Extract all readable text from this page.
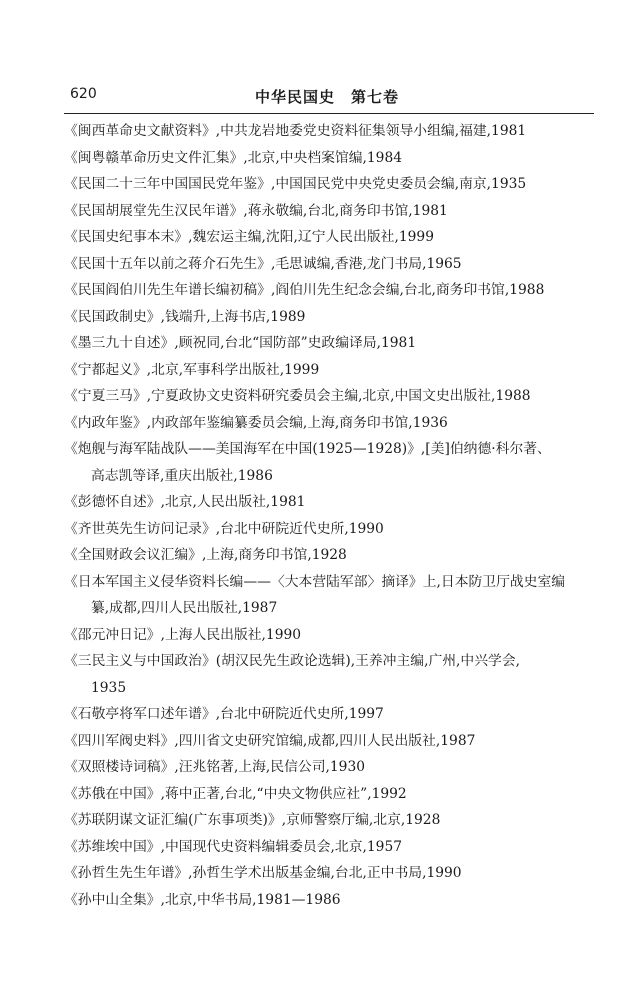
620	中华民国史　第七卷
《闽西革命史文献资料》,中共龙岩地委党史资料征集领导小组编,福建,1981
《闽粤赣革命历史文件汇集》,北京,中央档案馆编,1984
《民国二十三年中国国民党年鉴》,中国国民党中央党史委员会编,南京,1935
《民国胡展堂先生汉民年谱》,蒋永敬编,台北,商务印书馆,1981
《民国史纪事本末》,魏宏运主编,沈阳,辽宁人民出版社,1999
《民国十五年以前之蒋介石先生》,毛思诚编,香港,龙门书局,1965
《民国阎伯川先生年谱长编初稿》,阎伯川先生纪念会编,台北,商务印书馆,1988
《民国政制史》,钱端升,上海书店,1989
《墨三九十自述》,顾祝同,台北“国防部”史政编译局,1981
《宁都起义》,北京,军事科学出版社,1999
《宁夏三马》,宁夏政协文史资料研究委员会主编,北京,中国文史出版社,1988
《内政年鉴》,内政部年鉴编纂委员会编,上海,商务印书馆,1936
《炮舰与海军陆战队——美国海军在中国(1925—1928)》,[美]伯纳德·科尔著、
高志凯等译,重庆出版社,1986
《彭德怀自述》,北京,人民出版社,1981
《齐世英先生访问记录》,台北中研院近代史所,1990
《全国财政会议汇编》,上海,商务印书馆,1928
《日本军国主义侵华资料长编——〈大本营陆军部〉摘译》上,日本防卫厅战史室编
纂,成都,四川人民出版社,1987
《邵元冲日记》,上海人民出版社,1990
《三民主义与中国政治》(胡汉民先生政论选辑),王养冲主编,广州,中兴学会,
1935
《石敬亭将军口述年谱》,台北中研院近代史所,1997
《四川军阀史料》,四川省文史研究馆编,成都,四川人民出版社,1987
《双照楼诗词稿》,汪兆铭著,上海,民信公司,1930
《苏俄在中国》,蒋中正著,台北,“中央文物供应社”,1992
《苏联阴谋文证汇编(广东事项类)》,京师警察厅编,北京,1928
《苏维埃中国》,中国现代史资料编辑委员会,北京,1957
《孙哲生先生年谱》,孙哲生学术出版基金编,台北,正中书局,1990
《孙中山全集》,北京,中华书局,1981—1986
